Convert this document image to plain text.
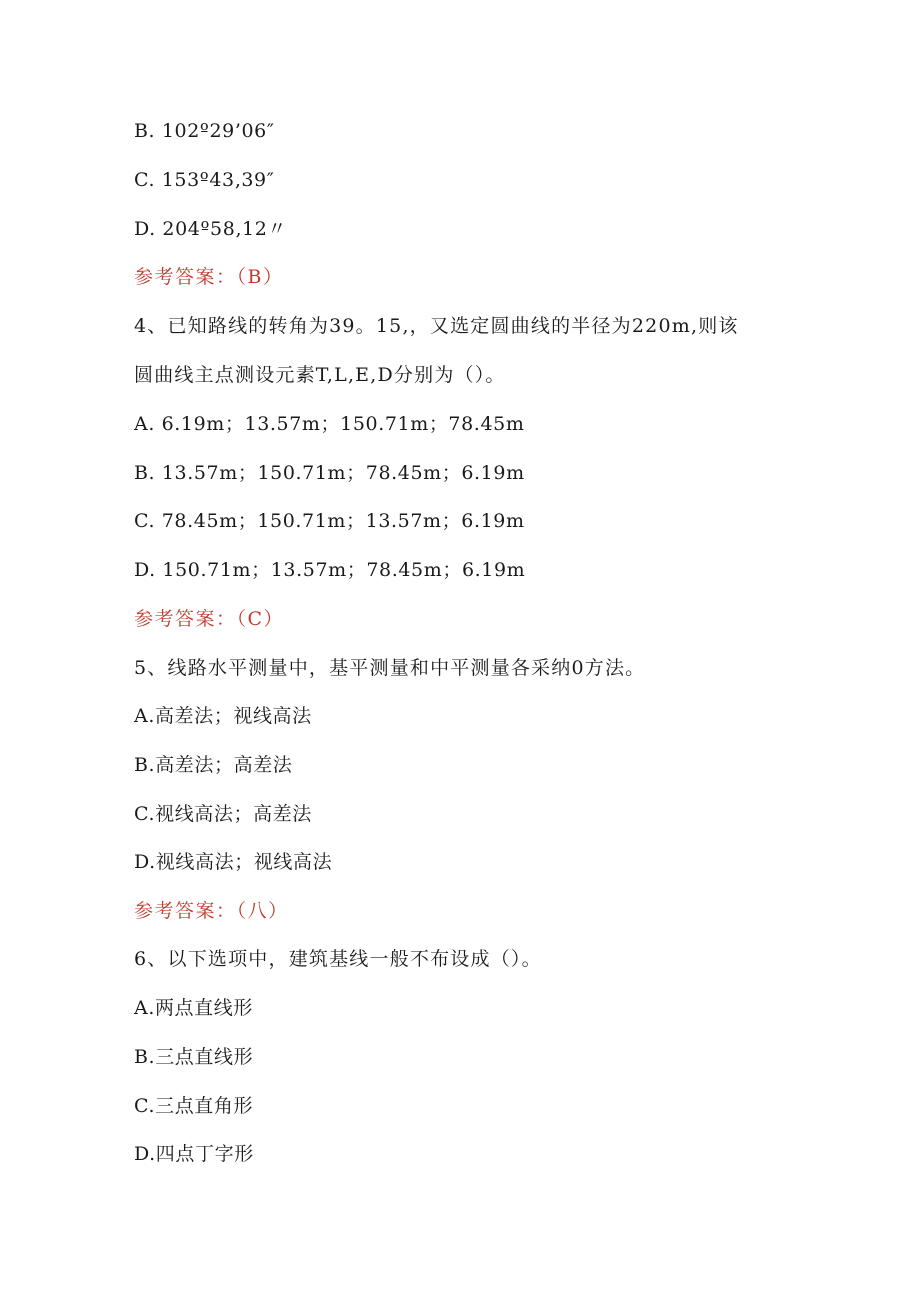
B. 102º29’06″
C. 153º43‚39″
D. 204º58‚12〃
参考答案：（B）
4、已知路线的转角为39。15,，又选定圆曲线的半径为220m,则该
圆曲线主点测设元素T,L,E,D分别为（）。
A. 6.19m；13.57m；150.71m；78.45m
B. 13.57m；150.71m；78.45m；6.19m
C. 78.45m；150.71m；13.57m；6.19m
D. 150.71m；13.57m；78.45m；6.19m
参考答案：（C）
5、线路水平测量中，基平测量和中平测量各采纳0方法。
A.高差法；视线高法
B.高差法；高差法
C.视线高法；高差法
D.视线高法；视线高法
参考答案：（八）
6、以下选项中，建筑基线一般不布设成（）。
A.两点直线形
B.三点直线形
C.三点直角形
D.四点丁字形
